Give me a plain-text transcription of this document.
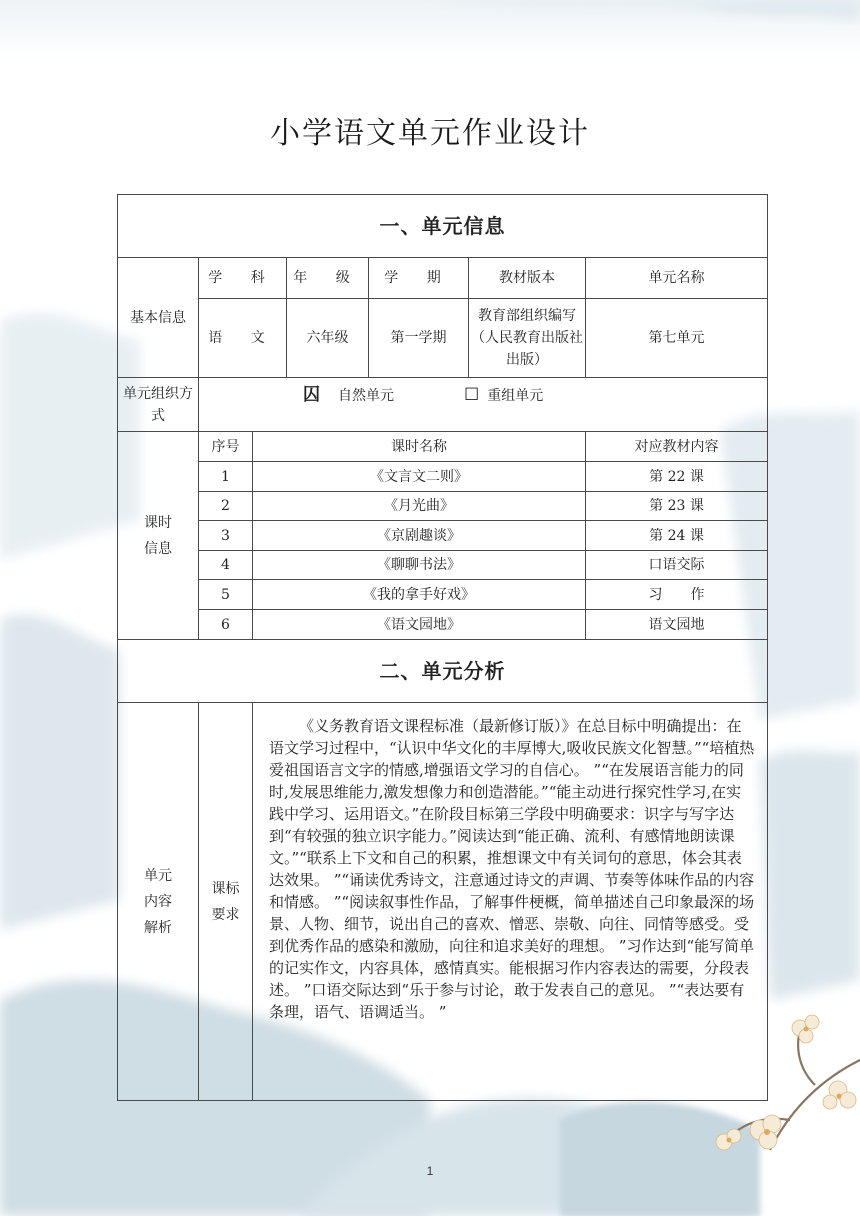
小学语文单元作业设计
一、单元信息						
基本信息	学 科		年 级	学 期	教材版本	单元名称
	语 文		六年级	第一学期	教育部组织编写（人民教育出版社出版）	第七单元
单元组织方式	囚 自然单元 ☐ 重组单元					
课时信息	序号	课时名称				对应教材内容
	1	《文言文二则》				第 22 课
	2	《月光曲》				第 23 课
	3	《京剧趣谈》				第 24 课
	4	《聊聊书法》				口语交际
	5	《我的拿手好戏》				习　　作
	6	《语文园地》				语文园地
二、单元分析						
单元内容解析	课标要求	《义务教育语文课程标准（最新修订版）》在总目标中明确提出：在语文学习过程中，“认识中华文化的丰厚博大,吸收民族文化智慧。”“培植热爱祖国语言文字的情感,增强语文学习的自信心。 ”“在发展语言能力的同时,发展思维能力,激发想像力和创造潜能。”“能主动进行探究性学习,在实践中学习、运用语文。”在阶段目标第三学段中明确要求：识字与写字达到“有较强的独立识字能力。”阅读达到“能正确、流利、有感情地朗读课文。”“联系上下文和自己的积累，推想课文中有关词句的意思，体会其表达效果。 ”“诵读优秀诗文，注意通过诗文的声调、节奏等体味作品的内容和情感。 ”“阅读叙事性作品，了解事件梗概，简单描述自己印象最深的场景、人物、细节，说出自己的喜欢、憎恶、崇敬、向往、同情等感受。受到优秀作品的感染和激励，向往和追求美好的理想。 ”习作达到“能写简单的记实作文，内容具体，感情真实。能根据习作内容表达的需要，分段表述。 ”口语交际达到“乐于参与讨论，敢于发表自己的意见。 ”“表达要有条理，语气、语调适当。 ”				
1
